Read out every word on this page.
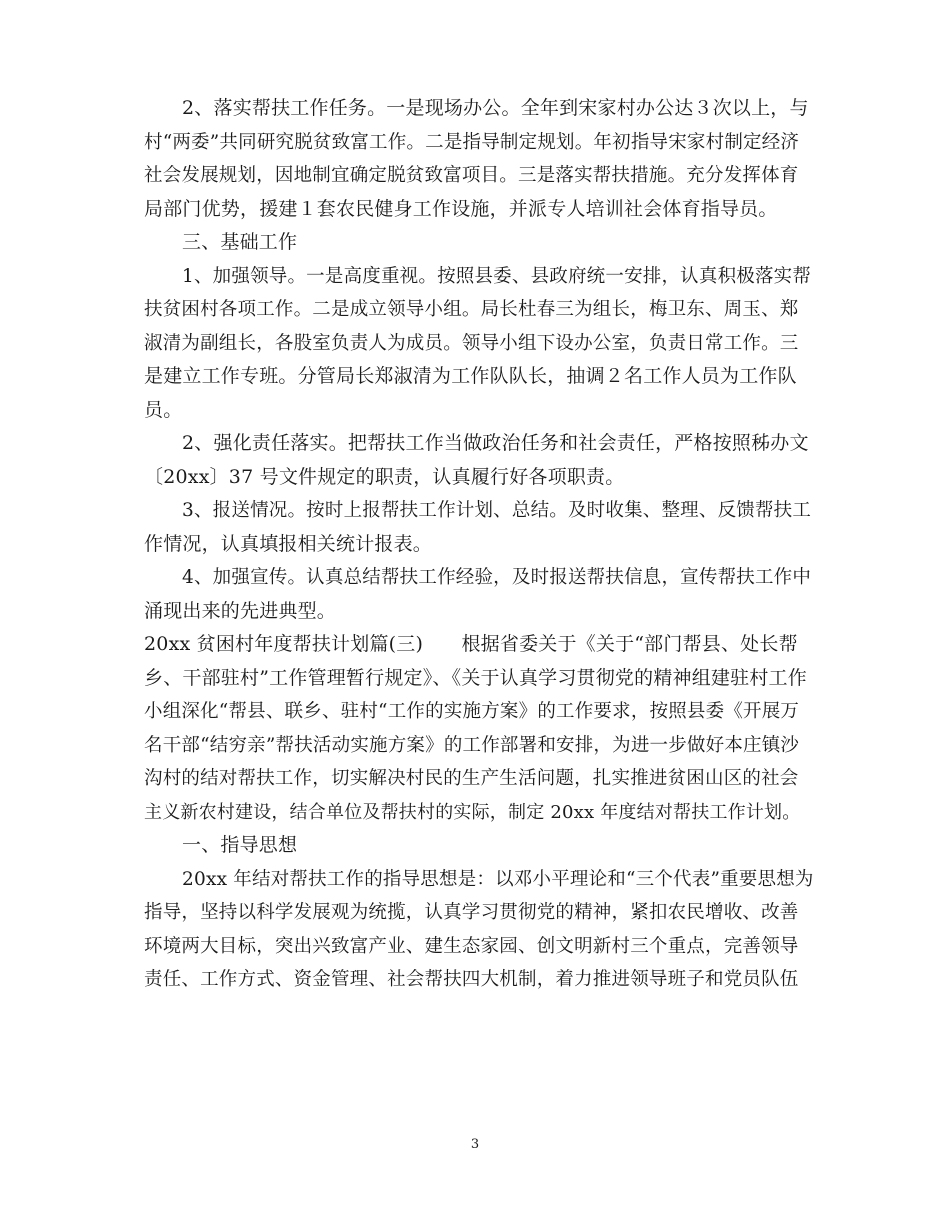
2、落实帮扶工作任务。一是现场办公。全年到宋家村办公达３次以上，与
村“两委”共同研究脱贫致富工作。二是指导制定规划。年初指导宋家村制定经济
社会发展规划，因地制宜确定脱贫致富项目。三是落实帮扶措施。充分发挥体育
局部门优势，援建１套农民健身工作设施，并派专人培训社会体育指导员。
三、基础工作
1、加强领导。一是高度重视。按照县委、县政府统一安排，认真积极落实帮
扶贫困村各项工作。二是成立领导小组。局长杜春三为组长，梅卫东、周玉、郑
淑清为副组长，各股室负责人为成员。领导小组下设办公室，负责日常工作。三
是建立工作专班。分管局长郑淑清为工作队队长，抽调２名工作人员为工作队
员。
2、强化责任落实。把帮扶工作当做政治任务和社会责任，严格按照秭办文
〔20xx〕37 号文件规定的职责，认真履行好各项职责。
3、报送情况。按时上报帮扶工作计划、总结。及时收集、整理、反馈帮扶工
作情况，认真填报相关统计报表。
4、加强宣传。认真总结帮扶工作经验，及时报送帮扶信息，宣传帮扶工作中
涌现出来的先进典型。
20xx 贫困村年度帮扶计划篇(三)　　根据省委关于《关于“部门帮县、处长帮
乡、干部驻村”工作管理暂行规定》、《关于认真学习贯彻党的精神组建驻村工作
小组深化“帮县、联乡、驻村“工作的实施方案》的工作要求，按照县委《开展万
名干部“结穷亲”帮扶活动实施方案》的工作部署和安排，为进一步做好本庄镇沙
沟村的结对帮扶工作，切实解决村民的生产生活问题，扎实推进贫困山区的社会
主义新农村建设，结合单位及帮扶村的实际，制定 20xx 年度结对帮扶工作计划。
一、指导思想
20xx 年结对帮扶工作的指导思想是：以邓小平理论和“三个代表”重要思想为
指导，坚持以科学发展观为统揽，认真学习贯彻党的精神，紧扣农民增收、改善
环境两大目标，突出兴致富产业、建生态家园、创文明新村三个重点，完善领导
责任、工作方式、资金管理、社会帮扶四大机制，着力推进领导班子和党员队伍
3
